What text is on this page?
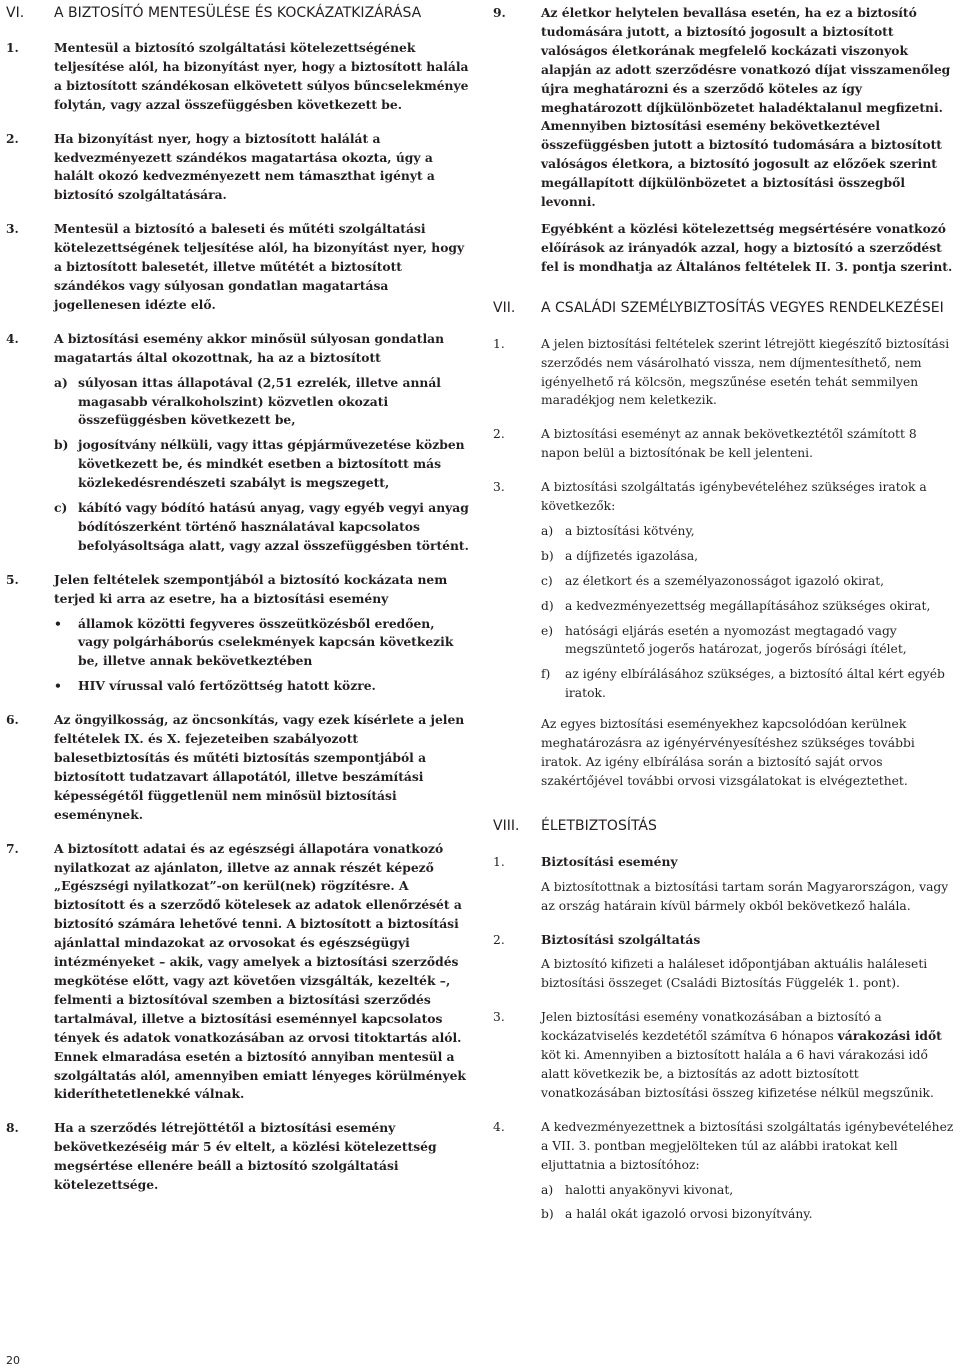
VI.	A BIZTOSÍTÓ MENTESÜLÉSE ÉS KOCKÁZATKIZÁRÁSA
1.	Mentesül a biztosító szolgáltatási kötelezettségének teljesítése alól, ha bizonyítást nyer, hogy a biztosított halála a biztosított szándékosan elkövetett súlyos bűncselekménye folytán, vagy azzal összefüggésben következett be.

2.	Ha bizonyítást nyer, hogy a biztosított halálát a kedvezményezett szándékos magatartása okozta, úgy a halált okozó kedvezményezett nem támaszthat igényt a biztosító szolgáltatására.

3.	Mentesül a biztosító a baleseti és műtéti szolgáltatási kötelezettségének teljesítése alól, ha bizonyítást nyer, hogy a biztosított balesetét, illetve műtétét a biztosított szándékos vagy súlyosan gondatlan magatartása jogellenesen idézte elő.

4.	A biztosítási esemény akkor minősül súlyosan gondatlan magatartás által okozottnak, ha az a biztosított

a) súlyosan ittas állapotával (2,51 ezrelék, illetve annál magasabb véralkoholszint) közvetlen okozati összefüggésben következett be,
b) jogosítvány nélküli, vagy ittas gépjárművezetése közben következett be, és mindkét esetben a biztosított más közlekedésrendészeti szabályt is megszegett,
c) kábító vagy bódító hatású anyag, vagy egyéb vegyi anyag bódítószerként történő használatával kapcsolatos befolyásoltsága alatt, vagy azzal összefüggésben történt.
5.	Jelen feltételek szempontjából a biztosító kockázata nem terjed ki arra az esetre, ha a biztosítási esemény

•	államok közötti fegyveres összeütközésből eredően, vagy polgárháborús cselekmények kapcsán következik be, illetve annak bekövetkeztében
•	HIV vírussal való fertőzöttség hatott közre.
6.	Az öngyilkosság, az öncsonkítás, vagy ezek kísérlete a jelen feltételek IX. és X. fejezeteiben szabályozott balesetbiztosítás és műtéti biztosítás szempontjából a biztosított tudatzavart állapotától, illetve beszámítási képességétől függetlenül nem minősül biztosítási eseménynek.

7.	A biztosított adatai és az egészségi állapotára vonatkozó nyilatkozat az ajánlaton, illetve az annak részét képező „Egészségi nyilatkozat”-on kerül(nek) rögzítésre. A biztosított és a szerződő kötelesek az adatok ellenőrzését a biztosító számára lehetővé tenni. A biztosított a biztosítási ajánlattal mindazokat az orvosokat és egészségügyi intézményeket – akik, vagy amelyek a biztosítási szerződés megkötése előtt, vagy azt követően vizsgálták, kezelték –, felmenti a biztosítóval szemben a biztosítási szerződés tartalmával, illetve a biztosítási eseménnyel kapcsolatos tények és adatok vonatkozásában az orvosi titoktartás alól. Ennek elmaradása esetén a biztosító annyiban mentesül a szolgáltatás alól, amennyiben emiatt lényeges körülmények kideríthetetlenekké válnak.

8.	Ha a szerződés létrejöttétől a biztosítási esemény bekövetkezéséig már 5 év eltelt, a közlési kötelezettség megsértése ellenére beáll a biztosító szolgáltatási kötelezettsége.

9.	Az életkor helytelen bevallása esetén, ha ez a biztosító tudomására jutott, a biztosító jogosult a biztosított valóságos életkorának megfelelő kockázati viszonyok alapján az adott szerződésre vonatkozó díjat visszamenőleg újra meghatározni és a szerződő köteles az így meghatározott díjkülönbözetet haladéktalanul megfizetni. Amennyiben biztosítási esemény bekövetkeztével összefüggésben jutott a biztosító tudomására a biztosított valóságos életkora, a biztosító jogosult az előzőek szerint megállapított díjkülönbözetet a biztosítási összegből levonni.

Egyébként a közlési kötelezettség megsértésére vonatkozó előírások az irányadók azzal, hogy a biztosító a szerződést fel is mondhatja az Általános feltételek II. 3. pontja szerint.

VII.	A CSALÁDI SZEMÉLYBIZTOSÍTÁS VEGYES RENDELKEZÉSEI
1.	A jelen biztosítási feltételek szerint létrejött kiegészítő biztosítási szerződés nem vásárolható vissza, nem díjmentesíthető, nem igényelhető rá kölcsön, megszűnése esetén tehát semmilyen maradékjog nem keletkezik.

2.	A biztosítási eseményt az annak bekövetkeztétől számított 8 napon belül a biztosítónak be kell jelenteni.

3.	A biztosítási szolgáltatás igénybevételéhez szükséges iratok a következők:

a) a biztosítási kötvény,
b) a díjfizetés igazolása,
c)	az életkort és a személyazonosságot igazoló okirat,
d) a kedvezményezettség megállapításához szükséges okirat,
e) hatósági eljárás esetén a nyomozást megtagadó vagy megszüntető jogerős határozat, jogerős bírósági ítélet,
f)	az igény elbírálásához szükséges, a biztosító által kért egyéb iratok.

Az egyes biztosítási eseményekhez kapcsolódóan kerülnek meghatározásra az igényérvényesítéshez szükséges további iratok. Az igény elbírálása során a biztosító saját orvos szakértőjével további orvosi vizsgálatokat is elvégeztethet.

VIII.	ÉLETBIZTOSÍTÁS
1.	Biztosítási esemény

A biztosítottnak a biztosítási tartam során Magyarországon, vagy az ország határain kívül bármely okból bekövetkező halála.

2.	Biztosítási szolgáltatás

A biztosító kifizeti a haláleset időpontjában aktuális haláleseti biztosítási összeget (Családi Biztosítás Függelék 1. pont).

3.	Jelen biztosítási esemény vonatkozásában a biztosító a kockázatviselés kezdetétől számítva 6 hónapos várakozási időt köt ki. Amennyiben a biztosított halála a 6 havi várakozási idő alatt következik be, a biztosítás az adott biztosított vonatkozásában biztosítási összeg kifizetése nélkül megszűnik.

4.	A kedvezményezettnek a biztosítási szolgáltatás igénybevételéhez a VII. 3. pontban megjelölteken túl az alábbi iratokat kell eljuttatnia a biztosítóhoz:

a) halotti anyakönyvi kivonat,
b) a halál okát igazoló orvosi bizonyítvány.
20
